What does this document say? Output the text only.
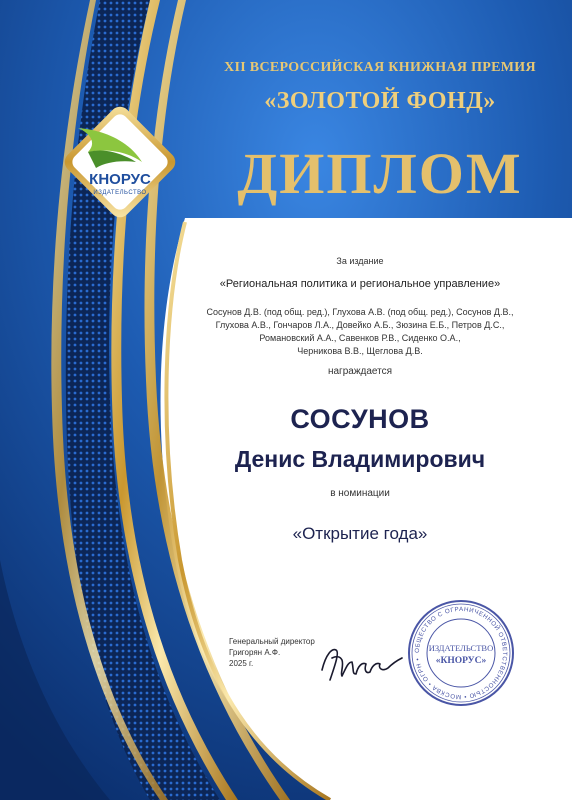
КНОРУС
ИЗДАТЕЛЬСТВО
XII ВСЕРОССИЙСКАЯ КНИЖНАЯ ПРЕМИЯ
«ЗОЛОТОЙ ФОНД»
ДИПЛОМ
За издание
«Региональная политика и региональное управление»
Сосунов Д.В. (под общ. ред.), Глухова А.В. (под общ. ред.), Сосунов Д.В.,
Глухова А.В., Гончаров Л.А., Довейко А.Б., Зюзина Е.Б., Петров Д.С.,
Романовский А.А., Савенков Р.В., Сиденко О.А.,
Черникова В.В., Щеглова Д.В.
награждается
СОСУНОВ
Денис Владимирович
в номинации
«Открытие года»
Генеральный директор
Григорян А.Ф.
2025 г.
ОБЩЕСТВО С ОГРАНИЧЕННОЙ ОТВЕТСТВЕННОСТЬЮ • МОСКВА • ОГРН •
ИЗДАТЕЛЬСТВО
«КНОРУС»
